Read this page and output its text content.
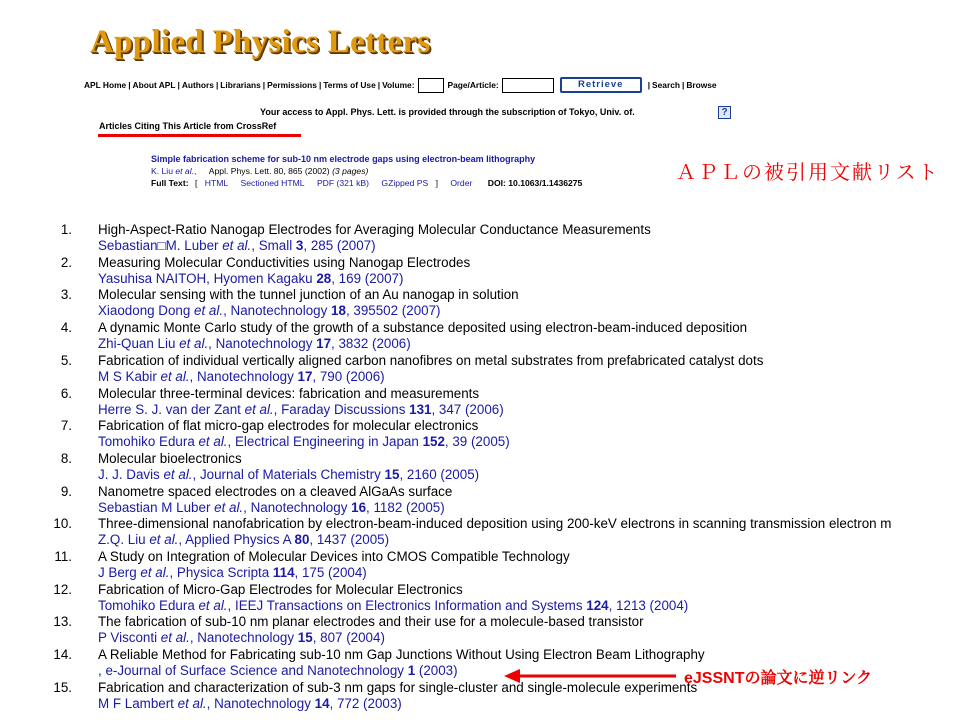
Applied Physics Letters
APL Home | About APL | Authors | Librarians | Permissions | Terms of Use | Volume:	Page/Article:	Retrieve	| Search | Browse
Your access to Appl. Phys. Lett. is provided through the subscription of Tokyo, Univ. of.	?
Articles Citing This Article from CrossRef
Simple fabrication scheme for sub-10 nm electrode gaps using electron-beam lithography
K. Liu et al., Appl. Phys. Lett. 80, 865 (2002) (3 pages)
Full Text: [ HTML Sectioned HTML PDF (321 kB) GZipped PS ] Order DOI: 10.1063/1.1436275	ＡＰＬの被引用文献リスト
1. High-Aspect-Ratio Nanogap Electrodes for Averaging Molecular Conductance Measurements
Sebastian□M. Luber et al., Small 3, 285 (2007)
2. Measuring Molecular Conductivities using Nanogap Electrodes
Yasuhisa NAITOH, Hyomen Kagaku 28, 169 (2007)
3. Molecular sensing with the tunnel junction of an Au nanogap in solution
Xiaodong Dong et al., Nanotechnology 18, 395502 (2007)
4. A dynamic Monte Carlo study of the growth of a substance deposited using electron-beam-induced deposition
Zhi-Quan Liu et al., Nanotechnology 17, 3832 (2006)
5. Fabrication of individual vertically aligned carbon nanofibres on metal substrates from prefabricated catalyst dots
M S Kabir et al., Nanotechnology 17, 790 (2006)
6. Molecular three-terminal devices: fabrication and measurements
Herre S. J. van der Zant et al., Faraday Discussions 131, 347 (2006)
7. Fabrication of flat micro-gap electrodes for molecular electronics
Tomohiko Edura et al., Electrical Engineering in Japan 152, 39 (2005)
8. Molecular bioelectronics
J. J. Davis et al., Journal of Materials Chemistry 15, 2160 (2005)
9. Nanometre spaced electrodes on a cleaved AlGaAs surface
Sebastian M Luber et al., Nanotechnology 16, 1182 (2005)
10. Three-dimensional nanofabrication by electron-beam-induced deposition using 200-keV electrons in scanning transmission electron m
Z.Q. Liu et al., Applied Physics A 80, 1437 (2005)
11. A Study on Integration of Molecular Devices into CMOS Compatible Technology
J Berg et al., Physica Scripta 114, 175 (2004)
12. Fabrication of Micro-Gap Electrodes for Molecular Electronics
Tomohiko Edura et al., IEEJ Transactions on Electronics Information and Systems 124, 1213 (2004)
13. The fabrication of sub-10 nm planar electrodes and their use for a molecule-based transistor
P Visconti et al., Nanotechnology 15, 807 (2004)
14. A Reliable Method for Fabricating sub-10 nm Gap Junctions Without Using Electron Beam Lithography
, e-Journal of Surface Science and Nanotechnology 1 (2003)
15. Fabrication and characterization of sub-3 nm gaps for single-cluster and single-molecule experiments
M F Lambert et al., Nanotechnology 14, 772 (2003)
eJSSNTの論文に逆リンク
